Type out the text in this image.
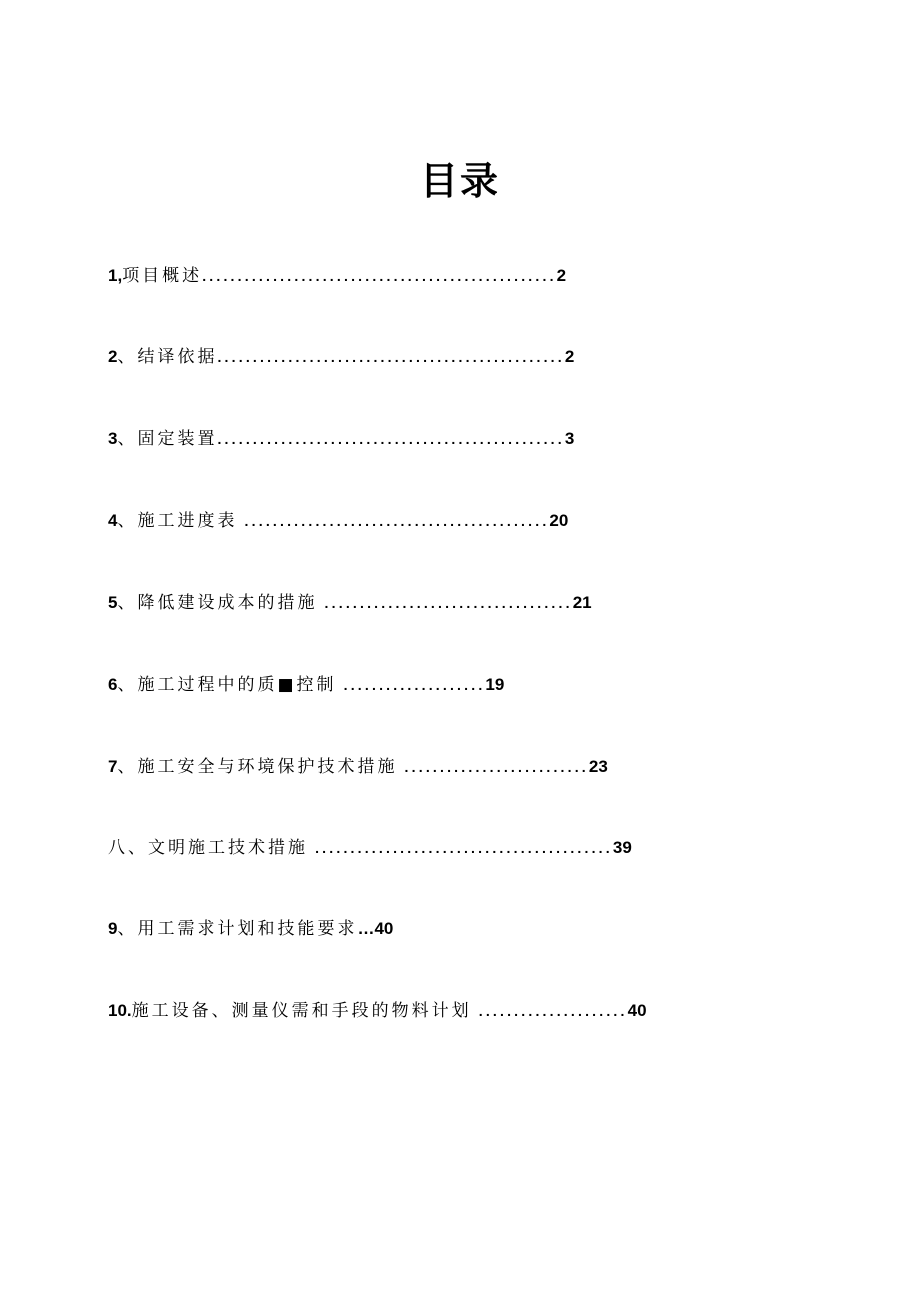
目录
1,项目概述..................................................2
2、结译依据.................................................2
3、固定装置.................................................3
4、施工进度表 ...........................................20
5、降低建设成本的措施 ...................................21
6、施工过程中的质■控制 ....................19
7、施工安全与环境保护技术措施 ..........................23
八、文明施工技术措施 ..........................................39
9、用工需求计划和技能要求…40
10.施工设备、测量仪需和手段的物料计划 .....................40
